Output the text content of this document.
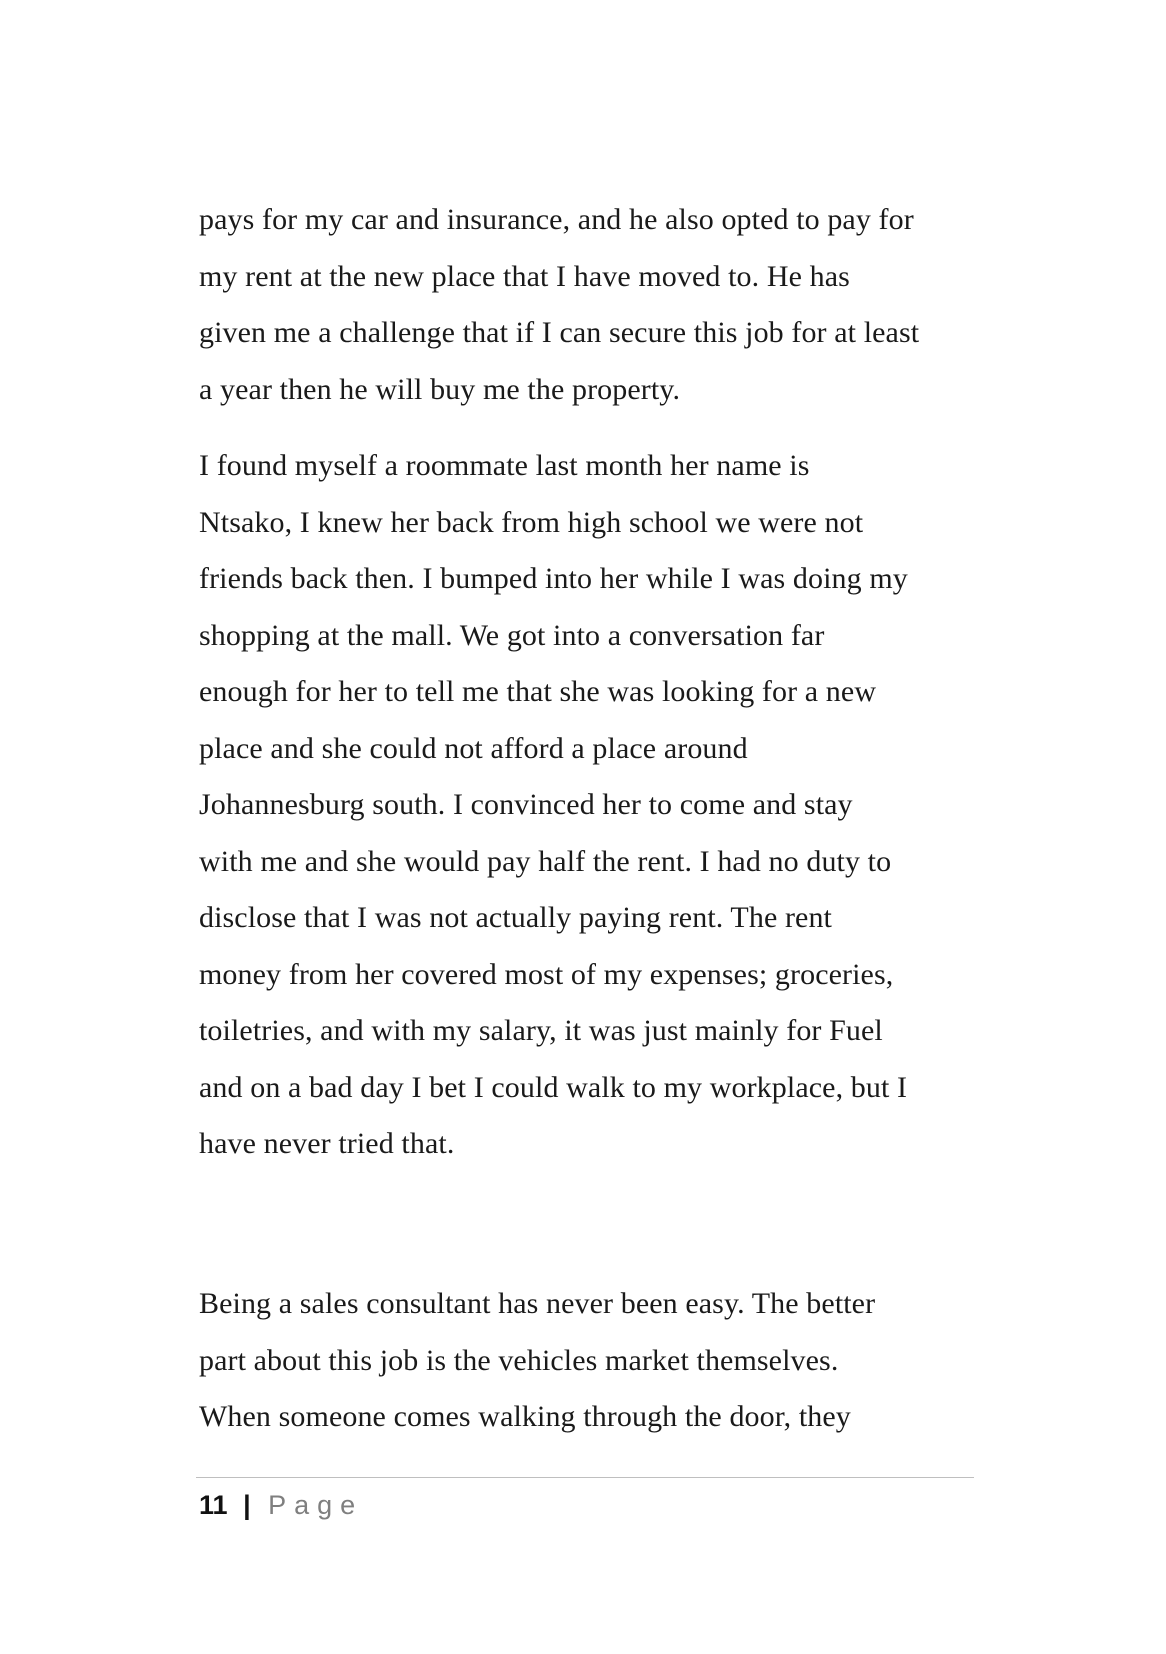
pays for my car and insurance, and he also opted to pay for
my rent at the new place that I have moved to. He has
given me a challenge that if I can secure this job for at least
a year then he will buy me the property.
I found myself a roommate last month her name is
Ntsako, I knew her back from high school we were not
friends back then. I bumped into her while I was doing my
shopping at the mall. We got into a conversation far
enough for her to tell me that she was looking for a new
place and she could not afford a place around
Johannesburg south. I convinced her to come and stay
with me and she would pay half the rent. I had no duty to
disclose that I was not actually paying rent. The rent
money from her covered most of my expenses; groceries,
toiletries, and with my salary, it was just mainly for Fuel
and on a bad day I bet I could walk to my workplace, but I
have never tried that.
Being a sales consultant has never been easy. The better
part about this job is the vehicles market themselves.
When someone comes walking through the door, they
11 | Page
